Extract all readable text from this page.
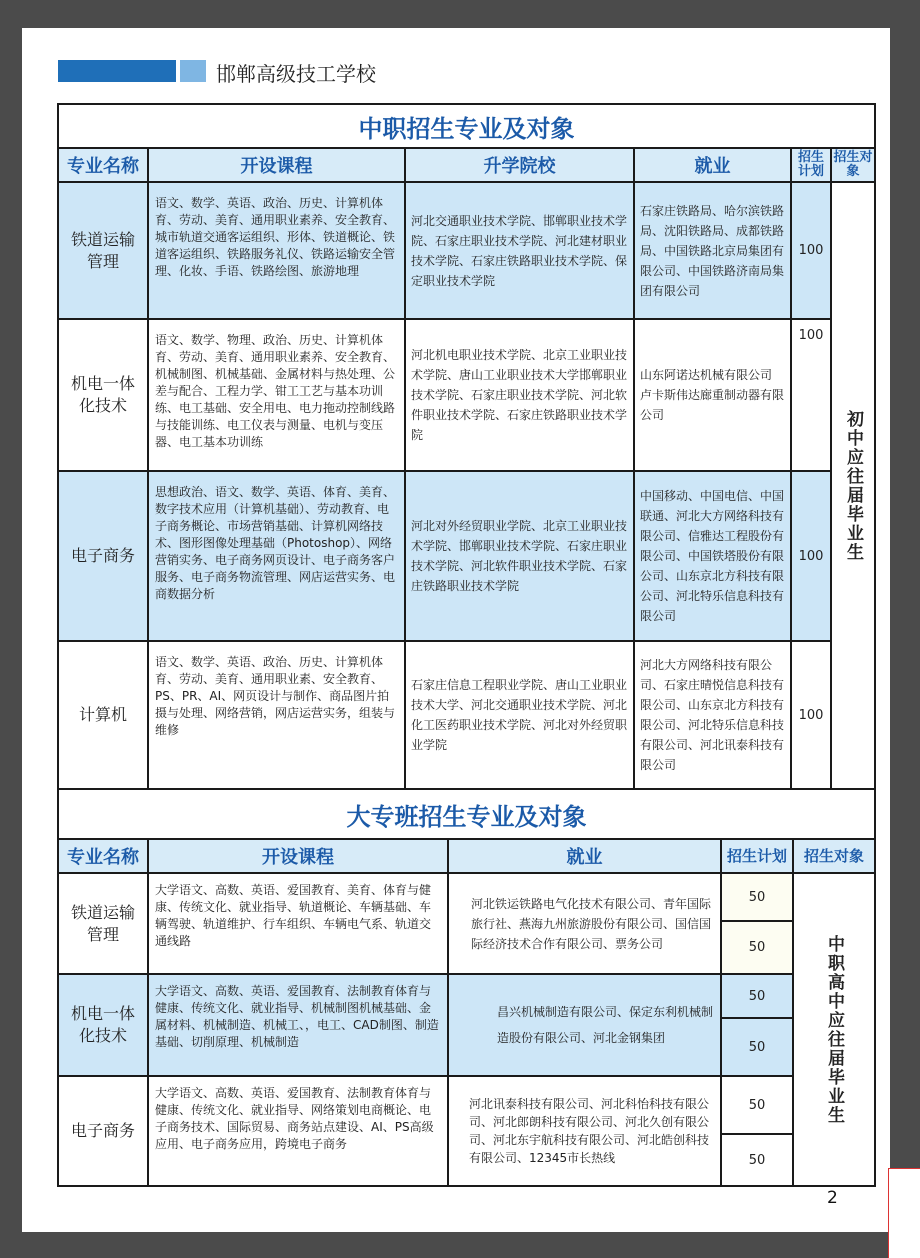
邯郸高级技工学校
中职招生专业及对象					
专业名称	开设课程	升学院校	就业	招生计划	招生对象
铁道运输管理	语文、数学、英语、政治、历史、计算机体育、劳动、美育、通用职业素养、安全教育、城市轨道交通客运组织、形体、铁道概论、铁道客运组织、铁路服务礼仪、铁路运输安全管理、化妆、手语、铁路绘图、旅游地理	河北交通职业技术学院、邯郸职业技术学院、石家庄职业技术学院、河北建材职业技术学院、石家庄铁路职业技术学院、保定职业技术学院	石家庄铁路局、哈尔滨铁路局、沈阳铁路局、成都铁路局、中国铁路北京局集团有限公司、中国铁路济南局集团有限公司	100	初中应往届毕业生
机电一体化技术	语文、数学、物理、政治、历史、计算机体育、劳动、美育、通用职业素养、安全教育、机械制图、机械基础、金属材料与热处理、公差与配合、工程力学、钳工工艺与基本功训练、电工基础、安全用电、电力拖动控制线路与技能训练、电工仪表与测量、电机与变压器、电工基本功训练	河北机电职业技术学院、北京工业职业技术学院、唐山工业职业技术大学邯郸职业技术学院、石家庄职业技术学院、河北软件职业技术学院、石家庄铁路职业技术学院	山东阿诺达机械有限公司 卢卡斯伟达廊重制动器有限公司	100	
电子商务	思想政治、语文、数学、英语、体育、美育、数字技术应用（计算机基础）、劳动教育、电子商务概论、市场营销基础、计算机网络技术、图形图像处理基础（Photoshop）、网络营销实务、电子商务网页设计、电子商务客户服务、电子商务物流管理、网店运营实务、电商数据分析	河北对外经贸职业学院、北京工业职业技术学院、邯郸职业技术学院、石家庄职业技术学院、河北软件职业技术学院、石家庄铁路职业技术学院	中国移动、中国电信、中国联通、河北大方网络科技有限公司、信雅达工程股份有限公司、中国铁塔股份有限公司、山东京北方科技有限公司、河北特乐信息科技有限公司	100	
计算机	语文、数学、英语、政治、历史、计算机体育、劳动、美育、通用职业素、安全教育、PS、PR、AI、网页设计与制作、商品图片拍摄与处理、网络营销，网店运营实务，组装与维修	石家庄信息工程职业学院、唐山工业职业技术大学、河北交通职业技术学院、河北化工医药职业技术学院、河北对外经贸职业学院	河北大方网络科技有限公司、石家庄晴悦信息科技有限公司、山东京北方科技有限公司、河北特乐信息科技有限公司、河北讯泰科技有限公司	100	
大专班招生专业及对象				
专业名称	开设课程	就业	招生计划	招生对象
铁道运输管理	大学语文、高数、英语、爱国教育、美育、体育与健康、传统文化、就业指导、轨道概论、车辆基础、车辆驾驶、轨道维护、行车组织、车辆电气系、轨道交通线路	河北铁运铁路电气化技术有限公司、青年国际旅行社、燕海九州旅游股份有限公司、国信国际经济技术合作有限公司、票务公司	50	中职高中应往届毕业生
			50	
机电一体化技术	大学语文、高数、英语、爱国教育、法制教育体育与健康、传统文化、就业指导、机械制图机械基础、金属材料、机械制造、机械工、，电工、CAD制图、制造基础、切削原理、机械制造	昌兴机械制造有限公司、保定东利机械制造股份有限公司、河北金钢集团	50	
			50	
电子商务	大学语文、高数、英语、爱国教育、法制教育体育与健康、传统文化、就业指导、网络策划电商概论、电子商务技术、国际贸易、商务站点建设、AI、PS高级应用、电子商务应用，跨境电子商务	河北讯泰科技有限公司、河北科怡科技有限公司、河北郎朗科技有限公司、河北久创有限公司、河北东宇航科技有限公司、河北皓创科技有限公司、12345市长热线	50	
			50	
2
